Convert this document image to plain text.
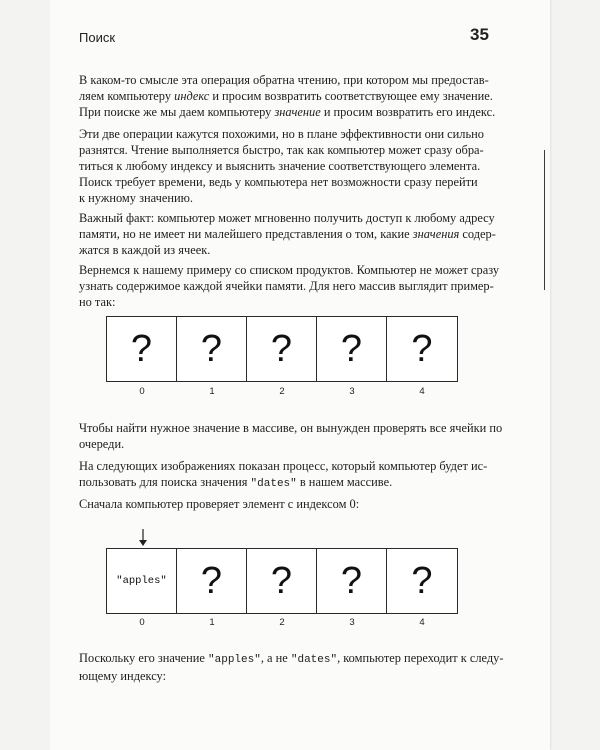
Поиск	35

В каком-то смысле эта операция обратна чтению, при котором мы предостав-
ляем компьютеру индекс и просим возвратить соответствующее ему значение.
При поиске же мы даем компьютеру значение и просим возвратить его индекс.

Эти две операции кажутся похожими, но в плане эффективности они сильно
разнятся. Чтение выполняется быстро, так как компьютер может сразу обра-
титься к любому индексу и выяснить значение соответствующего элемента.
Поиск требует времени, ведь у компьютера нет возможности сразу перейти
к нужному значению.

Важный факт: компьютер может мгновенно получить доступ к любому адресу
памяти, но не имеет ни малейшего представления о том, какие значения содер-
жатся в каждой из ячеек.

Вернемся к нашему примеру со списком продуктов. Компьютер не может сразу
узнать содержимое каждой ячейки памяти. Для него массив выглядит пример-
но так:

?	?	?	?	?
0	1	2	3	4

Чтобы найти нужное значение в массиве, он вынужден проверять все ячейки по
очереди.

На следующих изображениях показан процесс, который компьютер будет ис-
пользовать для поиска значения "dates" в нашем массиве.

Сначала компьютер проверяет элемент с индексом 0:

"apples" ?	?	?	?
0	1	2	3	4

Поскольку его значение "apples", а не "dates", компьютер переходит к следу-
ющему индексу:
